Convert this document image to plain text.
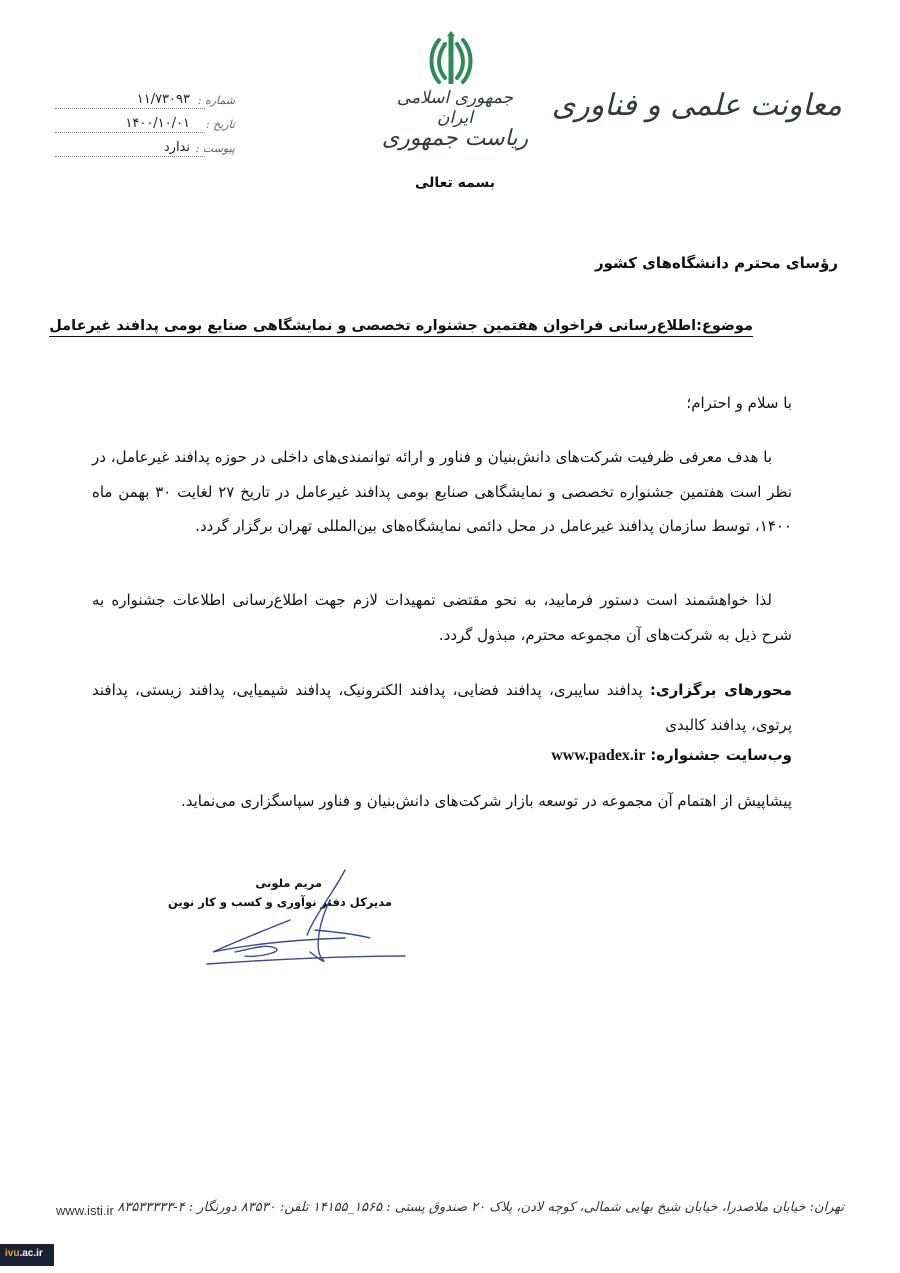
معاونت علمی و فناوری
جمهوری اسلامی ایران
ریاست جمهوری
بسمه تعالی
شماره :
۱۱/۷۳۰۹۳
تاریخ :
۱۴۰۰/۱۰/۰۱
پیوست :
ندارد
رؤسای محترم دانشگاه‌های کشور
موضوع:اطلاع‌رسانی فراخوان هفتمین جشنواره تخصصی و نمایشگاهی صنایع بومی پدافند غیرعامل
با سلام و احترام؛
با هدف معرفی ظرفیت شرکت‌های دانش‌بنیان و فناور و ارائه توانمندی‌های داخلی در حوزه پدافند غیرعامل، در نظر است هفتمین جشنواره تخصصی و نمایشگاهی صنایع بومی پدافند غیرعامل در تاریخ ۲۷ لغایت ۳۰ بهمن ماه ۱۴۰۰، توسط سازمان پدافند غیرعامل در محل دائمی نمایشگاه‌های بین‌المللی تهران برگزار گردد.
لذا خواهشمند است دستور فرمایید، به نحو مقتضی تمهیدات لازم جهت اطلاع‌رسانی اطلاعات جشنواره به شرح ذیل به شرکت‌های آن مجموعه محترم، مبذول گردد.
محورهای برگزاری: پدافند سایبری، پدافند فضایی، پدافند الکترونیک، پدافند شیمیایی، پدافند زیستی، پدافند پرتوی، پدافند کالبدی
وب‌سایت جشنواره: www.padex.ir
پیشاپیش از اهتمام آن مجموعه در توسعه بازار شرکت‌های دانش‌بنیان و فناور سپاسگزاری می‌نماید.
مریم ملونی
مدیرکل دفتر نوآوری و کسب و کار نوین
تهران: خیابان ملاصدرا، خیابان شیخ بهایی شمالی، کوچه لادن، پلاک ۲۰ صندوق پستی : ۱۵۶۵_۱۴۱۵۵ تلفن: ۸۳۵۳۰ دورنگار : ۴-۸۳۵۳۳۳۳۳
www.isti.ir
ivu.ac.ir
